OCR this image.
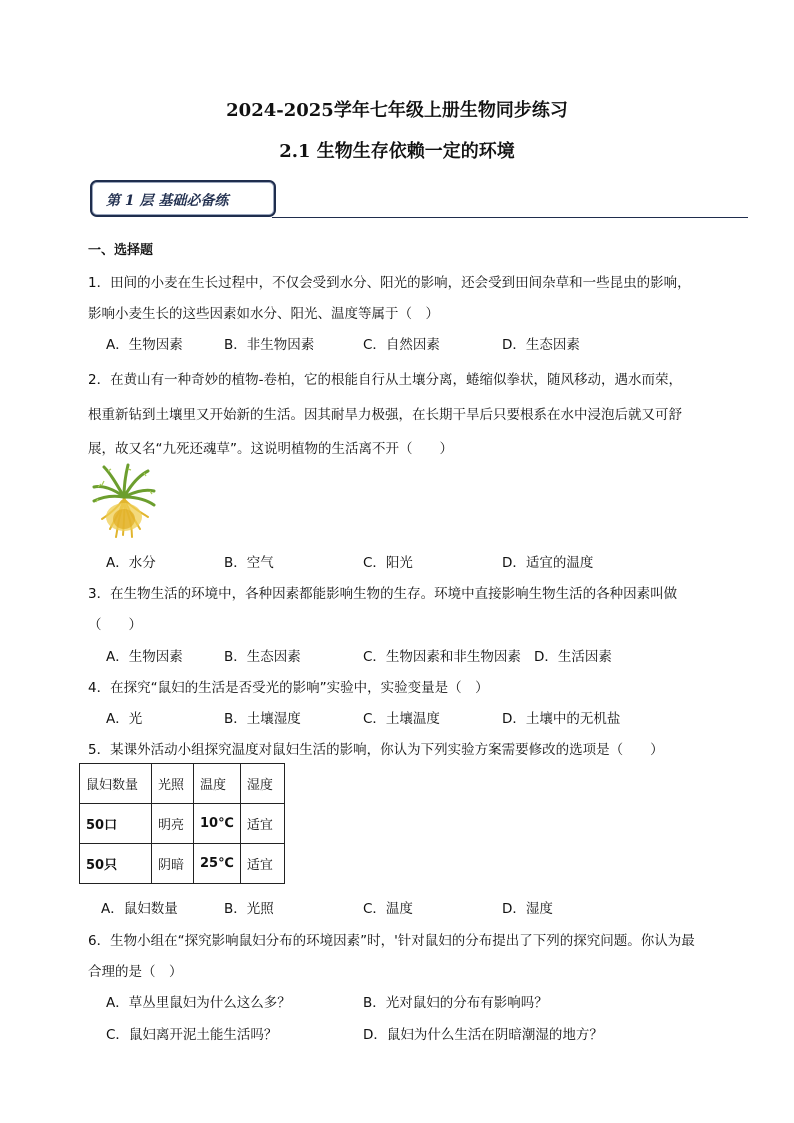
2024-2025学年七年级上册生物同步练习
2.1 生物生存依赖一定的环境
第 1 层 基础必备练
一、选择题
1．田间的小麦在生长过程中，不仅会受到水分、阳光的影响，还会受到田间杂草和一些昆虫的影响，
影响小麦生长的这些因素如水分、阳光、温度等属于（　）
A．生物因素	B．非生物因素	C．自然因素	D．生态因素
2．在黄山有一种奇妙的植物-卷柏，它的根能自行从土壤分离，蜷缩似拳状，随风移动，遇水而荣，
根重新钻到土壤里又开始新的生活。因其耐旱力极强，在长期干旱后只要根系在水中浸泡后就又可舒
展，故又名“九死还魂草”。这说明植物的生活离不开（　　）
A．水分	B．空气	C．阳光	D．适宜的温度
3．在生物生活的环境中，各种因素都能影响生物的生存。环境中直接影响生物生活的各种因素叫做
（　　）
A．生物因素	B．生态因素	C．生物因素和非生物因素 D．生活因素
4．在探究“鼠妇的生活是否受光的影响”实验中，实验变量是（　）
A．光	B．土壤湿度	C．土壤温度	D．土壤中的无机盐
5．某课外活动小组探究温度对鼠妇生活的影响，你认为下列实验方案需要修改的选项是（　　）
鼠妇数量	光照	温度	湿度
50口	明亮	10℃	适宜
50只	阴暗	25℃	适宜
A．鼠妇数量	B．光照	C．温度	D．湿度
6．生物小组在“探究影响鼠妇分布的环境因素”时，'针对鼠妇的分布提出了下列的探究问题。你认为最
合理的是（　）
A．草丛里鼠妇为什么这么多？	B．光对鼠妇的分布有影响吗？
C．鼠妇离开泥土能生活吗？	D．鼠妇为什么生活在阴暗潮湿的地方？
